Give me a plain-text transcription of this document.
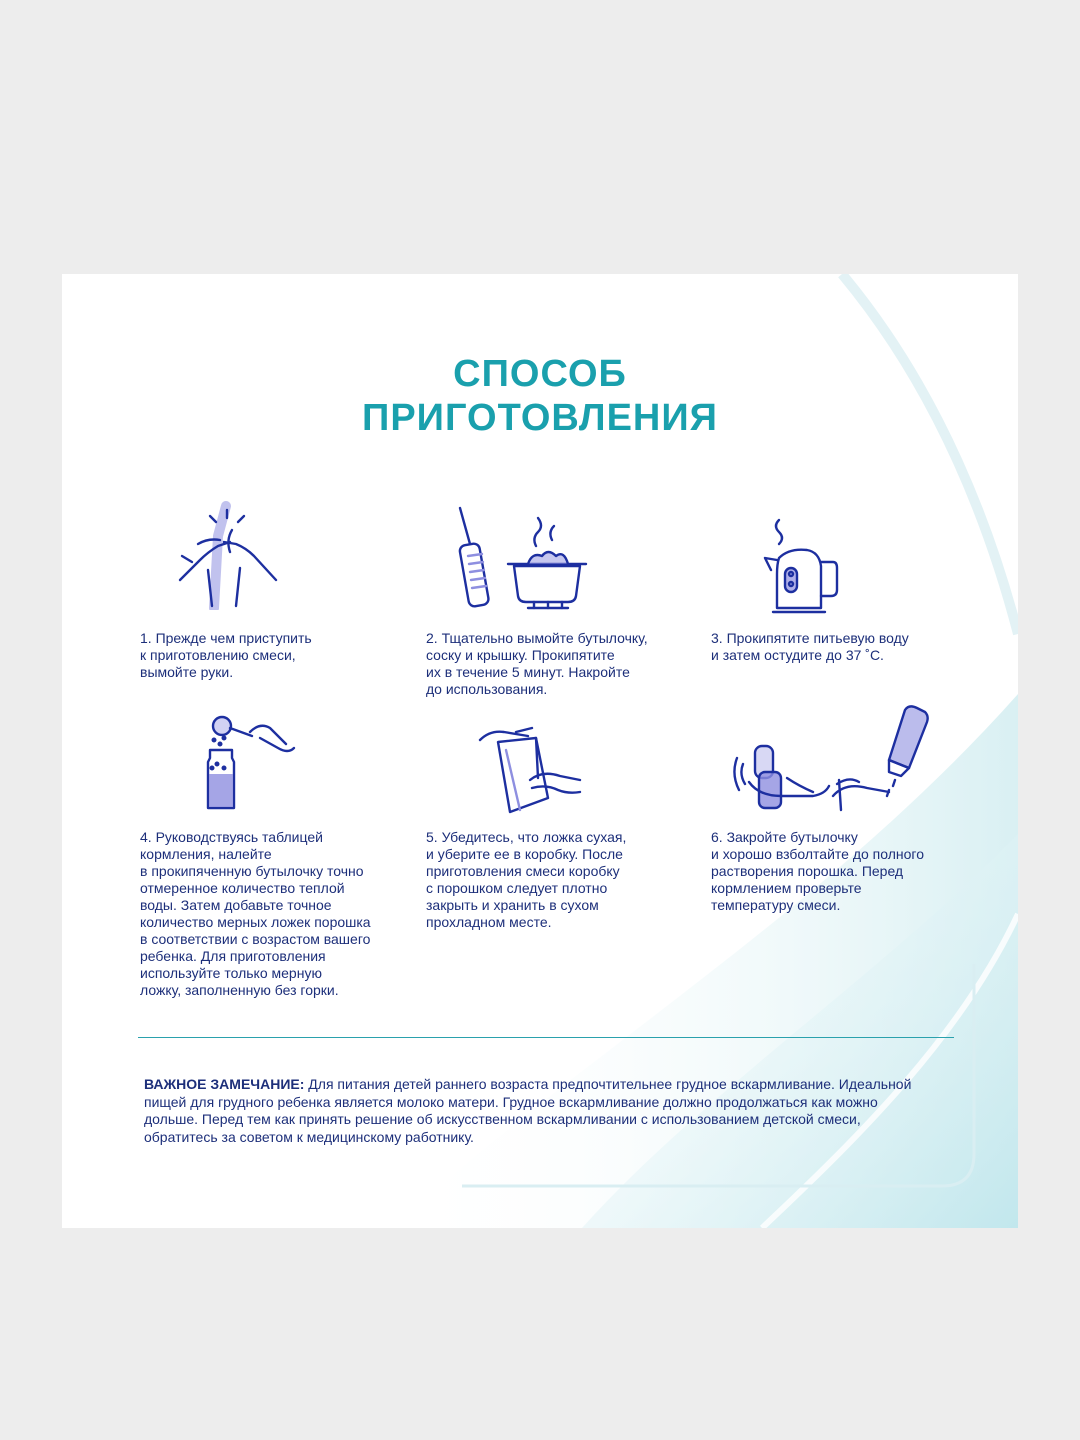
СПОСОБ
ПРИГОТОВЛЕНИЯ

1. Прежде чем приступить
к приготовлению смеси,
вымойте руки.

2. Тщательно вымойте бутылочку,
соску и крышку. Прокипятите
их в течение 5 минут. Накройте
до использования.

3. Прокипятите питьевую воду
и затем остудите до 37 ˚С.

4. Руководствуясь таблицей
кормления, налейте
в прокипяченную бутылочку точно
отмеренное количество теплой
воды. Затем добавьте точное
количество мерных ложек порошка
в соответствии с возрастом вашего
ребенка. Для приготовления
используйте только мерную
ложку, заполненную без горки.

5. Убедитесь, что ложка сухая,
и уберите ее в коробку. После
приготовления смеси коробку
с порошком следует плотно
закрыть и хранить в сухом
прохладном месте.

6. Закройте бутылочку
и хорошо взболтайте до полного
растворения порошка. Перед
кормлением проверьте
температуру смеси.

ВАЖНОЕ ЗАМЕЧАНИЕ: Для питания детей раннего возраста предпочтительнее грудное вскармливание. Идеальной пищей для грудного ребенка является молоко матери. Грудное вскармливание должно продолжаться как можно дольше. Перед тем как принять решение об искусственном вскармливании с использованием детской смеси, обратитесь за советом к медицинскому работнику.
